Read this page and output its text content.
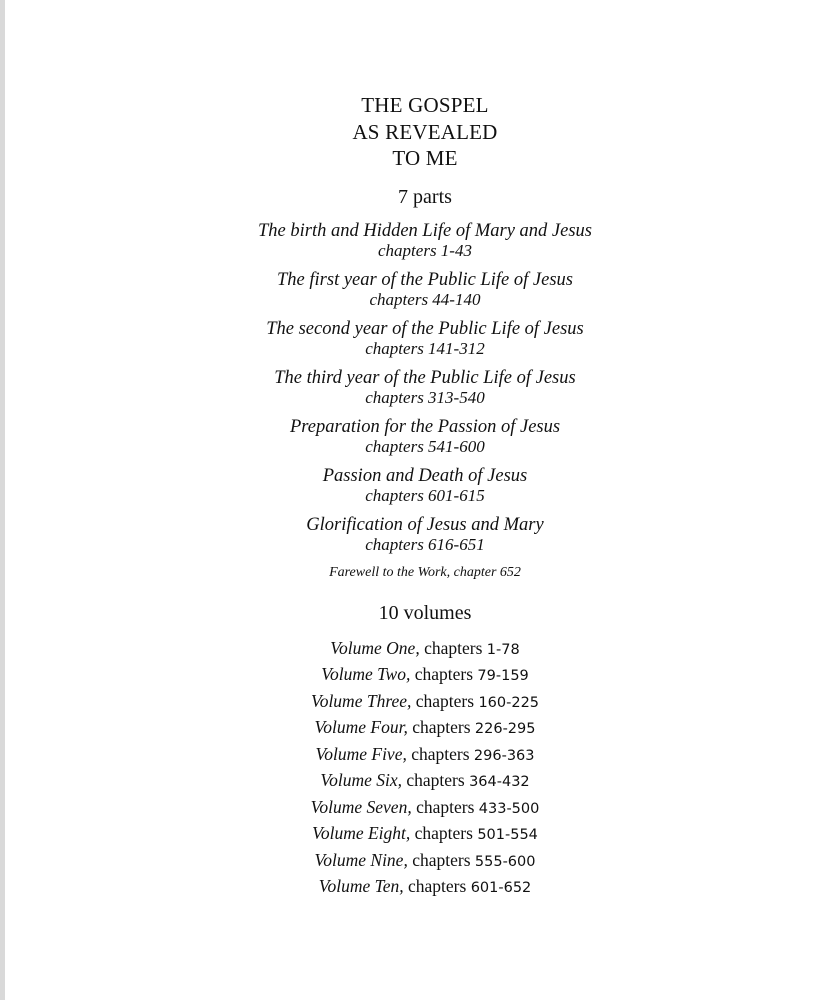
THE GOSPEL
AS REVEALED
TO ME
7 parts
The birth and Hidden Life of Mary and Jesus
chapters 1-43
The first year of the Public Life of Jesus
chapters 44-140
The second year of the Public Life of Jesus
chapters 141-312
The third year of the Public Life of Jesus
chapters 313-540
Preparation for the Passion of Jesus
chapters 541-600
Passion and Death of Jesus
chapters 601-615
Glorification of Jesus and Mary
chapters 616-651
Farewell to the Work, chapter 652
10 volumes
Volume One, chapters 1-78
Volume Two, chapters 79-159
Volume Three, chapters 160-225
Volume Four, chapters 226-295
Volume Five, chapters 296-363
Volume Six, chapters 364-432
Volume Seven, chapters 433-500
Volume Eight, chapters 501-554
Volume Nine, chapters 555-600
Volume Ten, chapters 601-652
